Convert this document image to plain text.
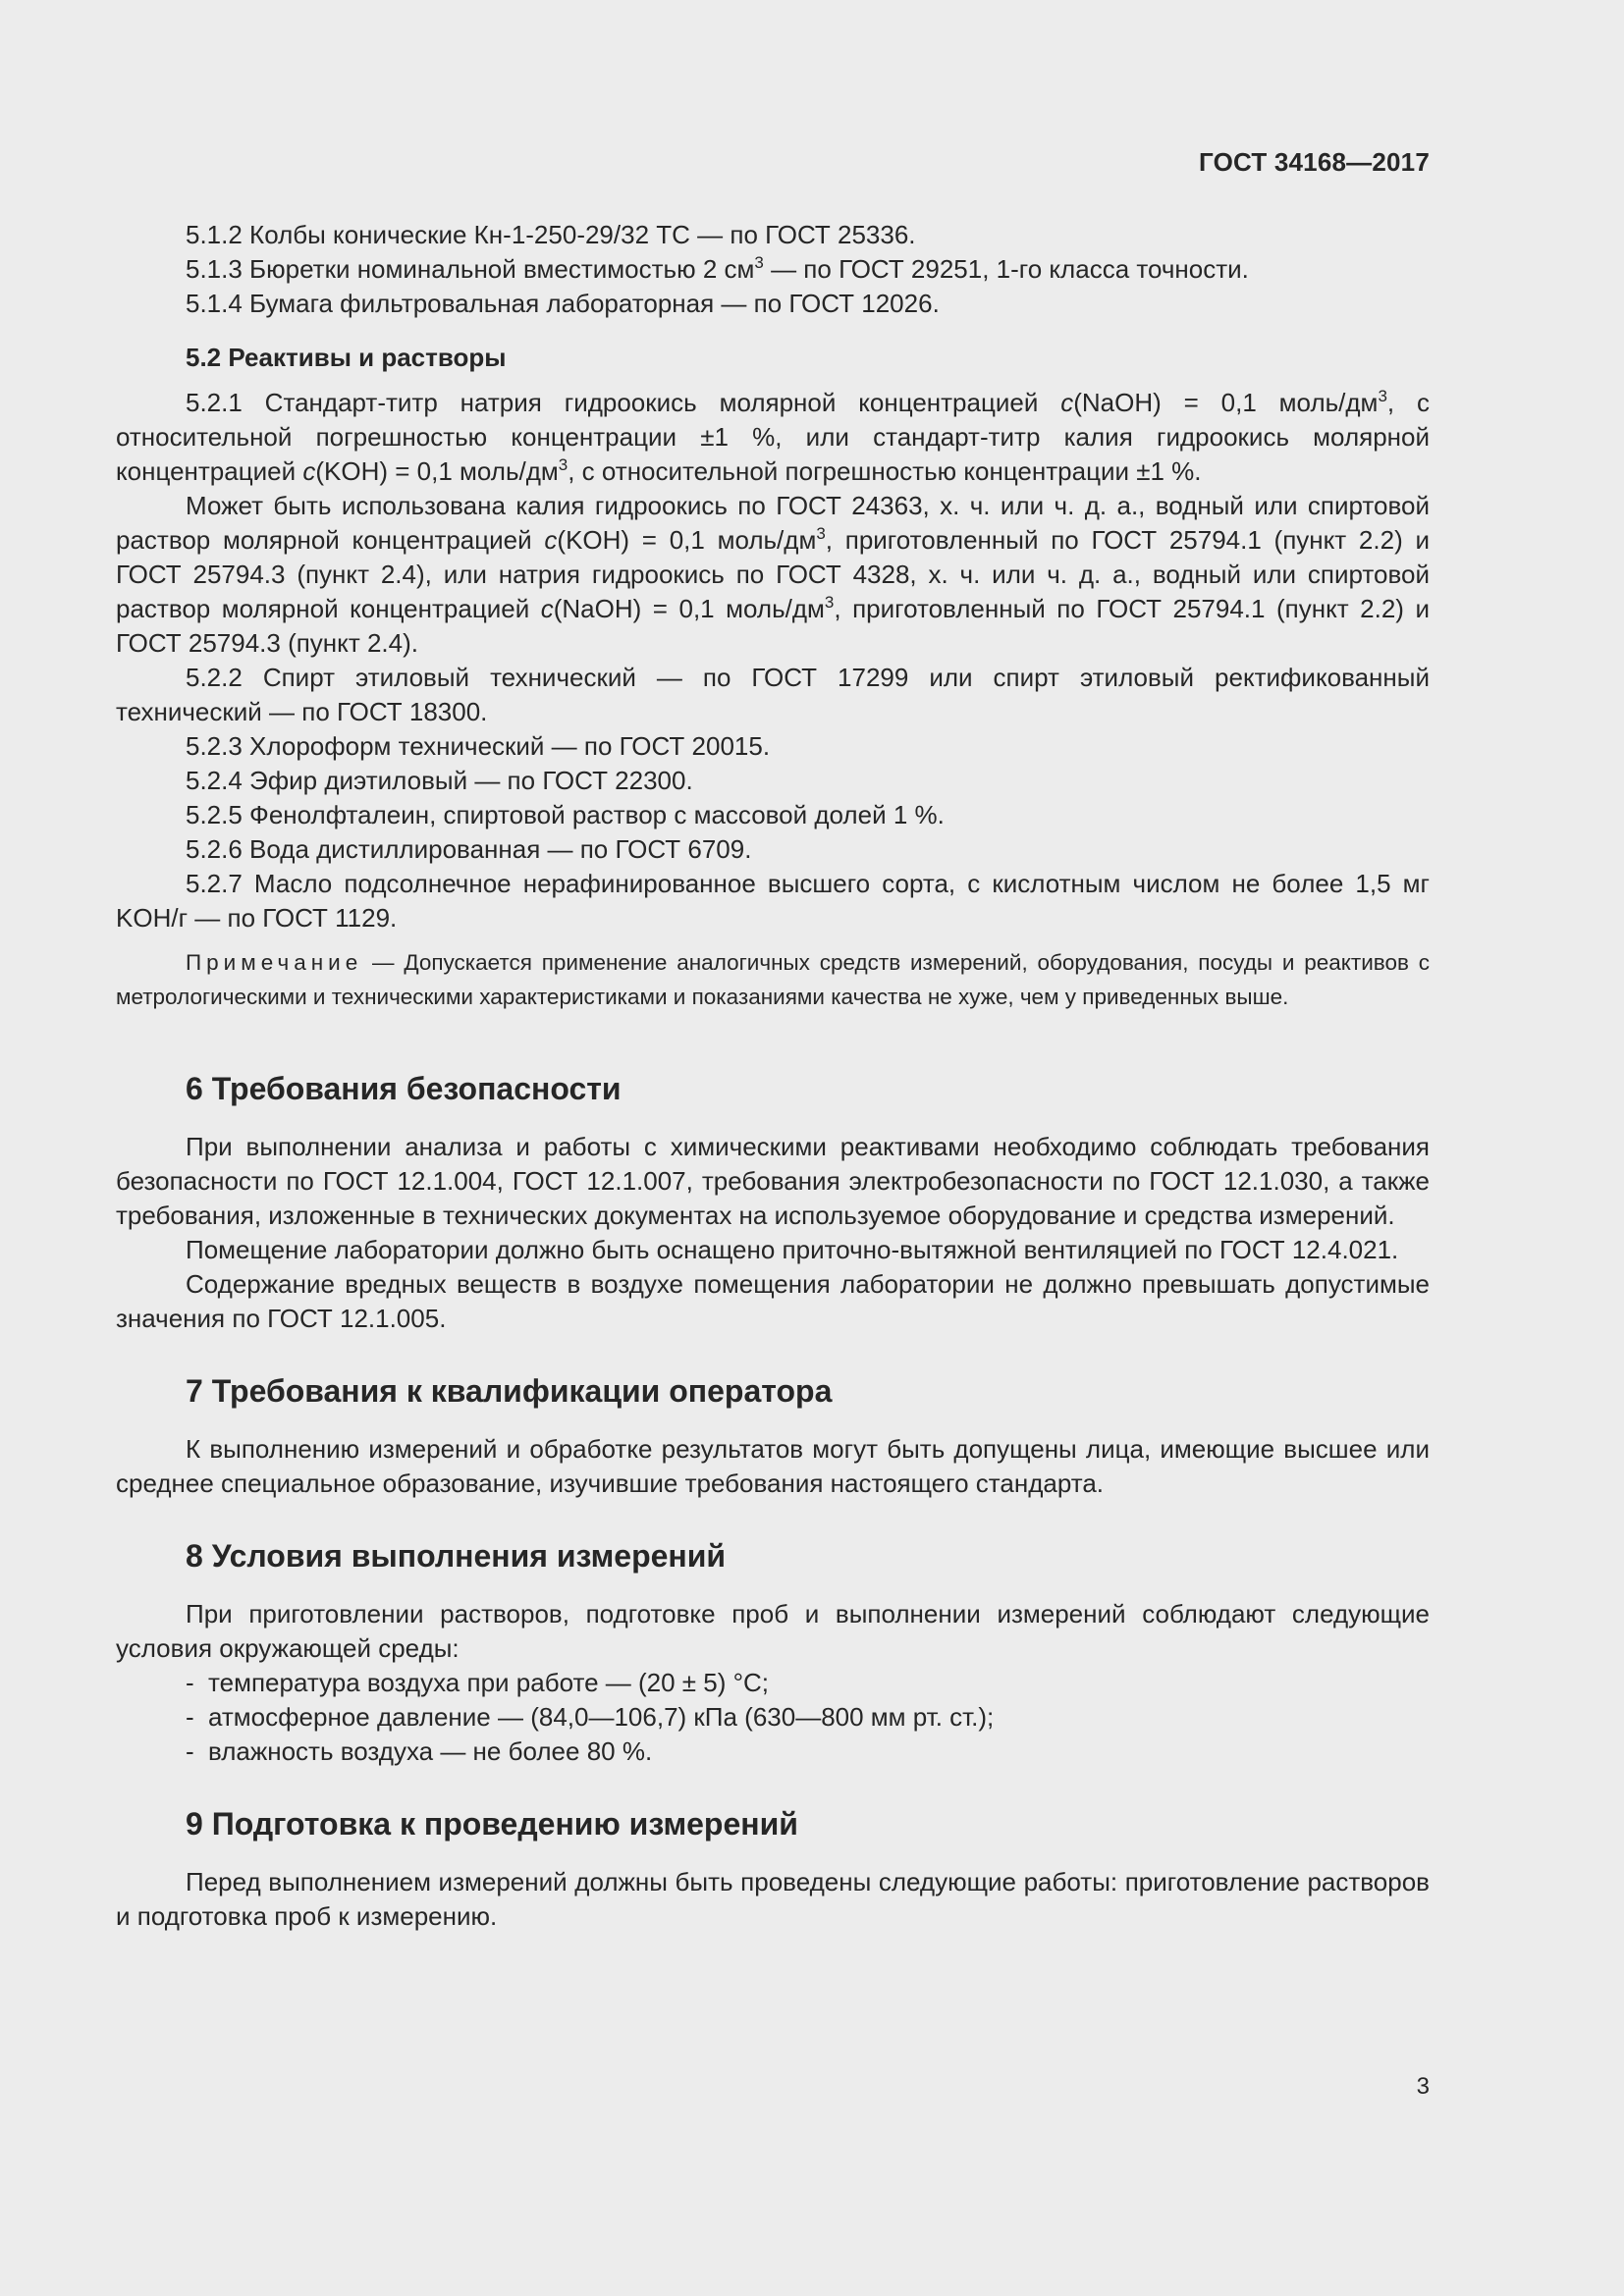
ГОСТ 34168—2017

5.1.2 Колбы конические Кн-1-250-29/32 ТС — по ГОСТ 25336.

5.1.3 Бюретки номинальной вместимостью 2 $см^3$ — по ГОСТ 29251, 1-го класса точности.

5.1.4 Бумага фильтровальная лабораторная — по ГОСТ 12026.

5.2 Реактивы и растворы

5.2.1 Стандарт-титр натрия гидроокись молярной концентрацией c(NaOH) = 0,1 моль/$дм^3$, с относительной погрешностью концентрации ±1 %, или стандарт-титр калия гидроокись молярной концентрацией c(KOH) = 0,1 моль/$дм^3$, с относительной погрешностью концентрации ±1 %.

Может быть использована калия гидроокись по ГОСТ 24363, х. ч. или ч. д. а., водный или спиртовой раствор молярной концентрацией c(KOH) = 0,1 моль/$дм^3$, приготовленный по ГОСТ 25794.1 (пункт 2.2) и ГОСТ 25794.3 (пункт 2.4), или натрия гидроокись по ГОСТ 4328, х. ч. или ч. д. а., водный или спиртовой раствор молярной концентрацией c(NaOH) = 0,1 моль/$дм^3$, приготовленный по ГОСТ 25794.1 (пункт 2.2) и ГОСТ 25794.3 (пункт 2.4).

5.2.2 Спирт этиловый технический — по ГОСТ 17299 или спирт этиловый ректификованный технический — по ГОСТ 18300.

5.2.3 Хлороформ технический — по ГОСТ 20015.

5.2.4 Эфир диэтиловый — по ГОСТ 22300.

5.2.5 Фенолфталеин, спиртовой раствор с массовой долей 1 %.

5.2.6 Вода дистиллированная — по ГОСТ 6709.

5.2.7 Масло подсолнечное нерафинированное высшего сорта, с кислотным числом не более 1,5 мг KOH/г — по ГОСТ 1129.

Примечание — Допускается применение аналогичных средств измерений, оборудования, посуды и реактивов с метрологическими и техническими характеристиками и показаниями качества не хуже, чем у приведенных выше.

6 Требования безопасности

При выполнении анализа и работы с химическими реактивами необходимо соблюдать требования безопасности по ГОСТ 12.1.004, ГОСТ 12.1.007, требования электробезопасности по ГОСТ 12.1.030, а также требования, изложенные в технических документах на используемое оборудование и средства измерений.

Помещение лаборатории должно быть оснащено приточно-вытяжной вентиляцией по ГОСТ 12.4.021.

Содержание вредных веществ в воздухе помещения лаборатории не должно превышать допустимые значения по ГОСТ 12.1.005.

7 Требования к квалификации оператора

К выполнению измерений и обработке результатов могут быть допущены лица, имеющие высшее или среднее специальное образование, изучившие требования настоящего стандарта.

8 Условия выполнения измерений

При приготовлении растворов, подготовке проб и выполнении измерений соблюдают следующие условия окружающей среды:

- температура воздуха при работе — (20 ± 5) °С;

- атмосферное давление — (84,0—106,7) кПа (630—800 мм рт. ст.);

- влажность воздуха — не более 80 %.

9 Подготовка к проведению измерений

Перед выполнением измерений должны быть проведены следующие работы: приготовление растворов и подготовка проб к измерению.

3
